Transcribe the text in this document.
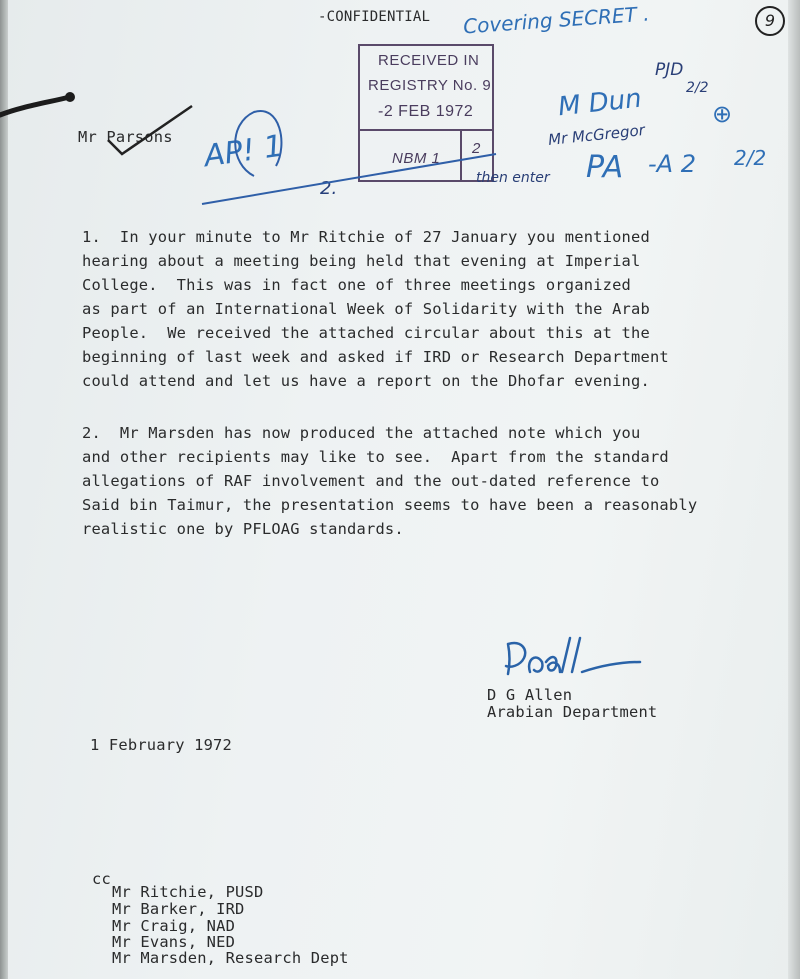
-CONFIDENTIAL Covering SECRET .	9
RECEIVED IN
REGISTRY No. 9
-2 FEB 1972
NBM 1
2
Mr Parsons AP! 1
2.
PJD
2/2
M Dun	⊕
Mr McGregor
then enter PA -A 2 2/2
1.  In your minute to Mr Ritchie of 27 January you mentioned
hearing about a meeting being held that evening at Imperial
College.  This was in fact one of three meetings organized
as part of an International Week of Solidarity with the Arab
People.  We received the attached circular about this at the
beginning of last week and asked if IRD or Research Department
could attend and let us have a report on the Dhofar evening.
2.  Mr Marsden has now produced the attached note which you
and other recipients may like to see.  Apart from the standard
allegations of RAF involvement and the out-dated reference to
Said bin Taimur, the presentation seems to have been a reasonably
realistic one by PFLOAG standards.
D G Allen
Arabian Department
1 February 1972
cc
Mr Ritchie, PUSD
Mr Barker, IRD
Mr Craig, NAD
Mr Evans, NED
Mr Marsden, Research Dept
